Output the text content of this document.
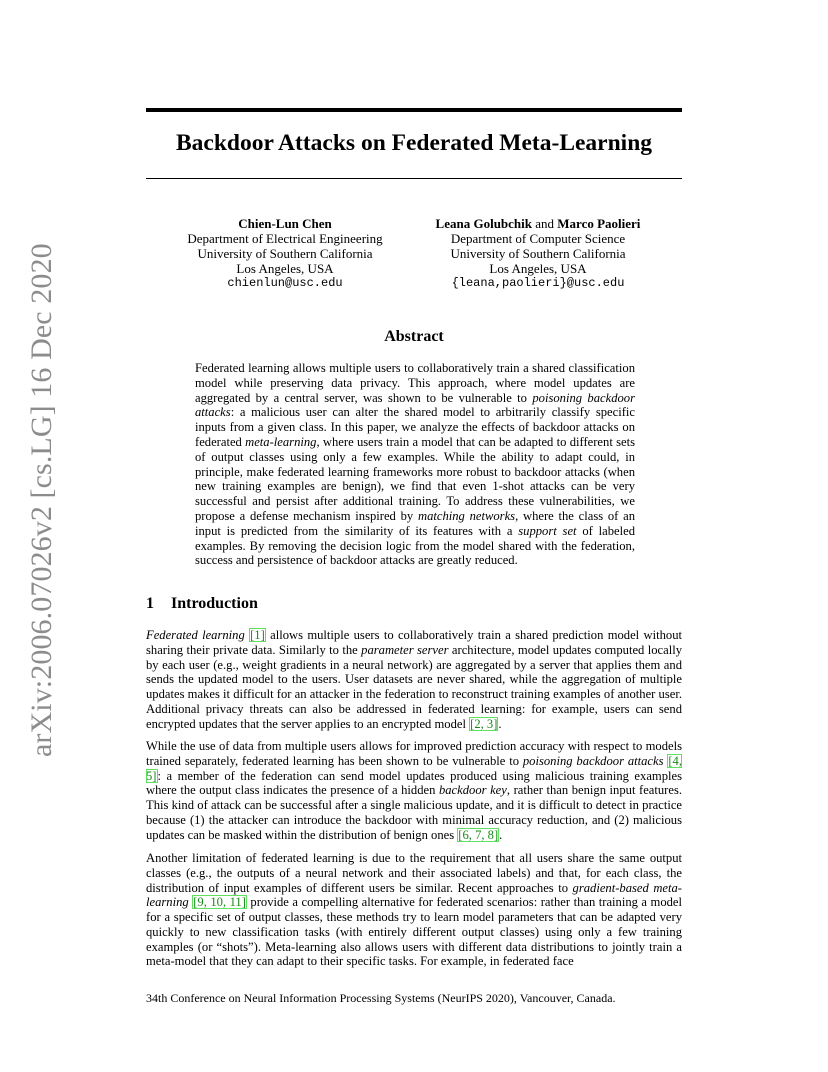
arXiv:2006.07026v2 [cs.LG] 16 Dec 2020
Backdoor Attacks on Federated Meta-Learning
Chien-Lun Chen
Department of Electrical Engineering
University of Southern California
Los Angeles, USA
chienlun@usc.edu
Leana Golubchik and Marco Paolieri
Department of Computer Science
University of Southern California
Los Angeles, USA
{leana,paolieri}@usc.edu
Abstract
Federated learning allows multiple users to collaboratively train a shared classification model while preserving data privacy. This approach, where model updates are aggregated by a central server, was shown to be vulnerable to poisoning backdoor attacks: a malicious user can alter the shared model to arbitrarily classify specific inputs from a given class. In this paper, we analyze the effects of backdoor attacks on federated meta-learning, where users train a model that can be adapted to different sets of output classes using only a few examples. While the ability to adapt could, in principle, make federated learning frameworks more robust to backdoor attacks (when new training examples are benign), we find that even 1-shot attacks can be very successful and persist after additional training. To address these vulnerabilities, we propose a defense mechanism inspired by matching networks, where the class of an input is predicted from the similarity of its features with a support set of labeled examples. By removing the decision logic from the model shared with the federation, success and persistence of backdoor attacks are greatly reduced.
1 Introduction
Federated learning [1] allows multiple users to collaboratively train a shared prediction model without sharing their private data. Similarly to the parameter server architecture, model updates computed locally by each user (e.g., weight gradients in a neural network) are aggregated by a server that applies them and sends the updated model to the users. User datasets are never shared, while the aggregation of multiple updates makes it difficult for an attacker in the federation to reconstruct training examples of another user. Additional privacy threats can also be addressed in federated learning: for example, users can send encrypted updates that the server applies to an encrypted model [2, 3].
While the use of data from multiple users allows for improved prediction accuracy with respect to models trained separately, federated learning has been shown to be vulnerable to poisoning backdoor attacks [4, 5]: a member of the federation can send model updates produced using malicious training examples where the output class indicates the presence of a hidden backdoor key, rather than benign input features. This kind of attack can be successful after a single malicious update, and it is difficult to detect in practice because (1) the attacker can introduce the backdoor with minimal accuracy reduction, and (2) malicious updates can be masked within the distribution of benign ones [6, 7, 8].
Another limitation of federated learning is due to the requirement that all users share the same output classes (e.g., the outputs of a neural network and their associated labels) and that, for each class, the distribution of input examples of different users be similar. Recent approaches to gradient-based meta-learning [9, 10, 11] provide a compelling alternative for federated scenarios: rather than training a model for a specific set of output classes, these methods try to learn model parameters that can be adapted very quickly to new classification tasks (with entirely different output classes) using only a few training examples (or “shots”). Meta-learning also allows users with different data distributions to jointly train a meta-model that they can adapt to their specific tasks. For example, in federated face
34th Conference on Neural Information Processing Systems (NeurIPS 2020), Vancouver, Canada.
